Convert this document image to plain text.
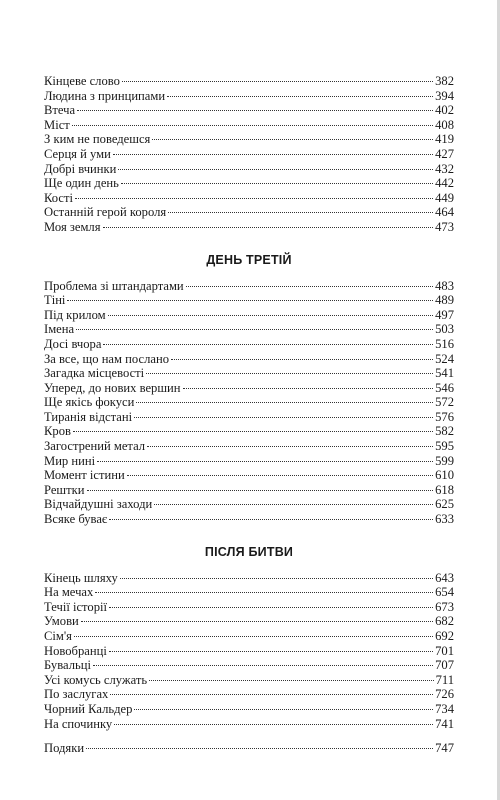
Кінцеве слово	382
Людина з принципами	394
Втеча	402
Міст	408
З ким не поведешся	419
Серця й уми	427
Добрі вчинки	432
Ще один день	442
Кості	449
Останній герой короля	464
Моя земля	473
ДЕНЬ ТРЕТІЙ
Проблема зі штандартами	483
Тіні	489
Під крилом	497
Імена	503
Досі вчора	516
За все, що нам послано	524
Загадка місцевості	541
Уперед, до нових вершин	546
Ще якісь фокуси	572
Тиранія відстані	576
Кров	582
Загострений метал	595
Мир нині	599
Момент істини	610
Рештки	618
Відчайдушні заходи	625
Всяке буває	633
ПІСЛЯ БИТВИ
Кінець шляху	643
На мечах	654
Течії історії	673
Умови	682
Сім'я	692
Новобранці	701
Бувальці	707
Усі комусь служать	711
По заслугах	726
Чорний Кальдер	734
На спочинку	741
Подяки	747
